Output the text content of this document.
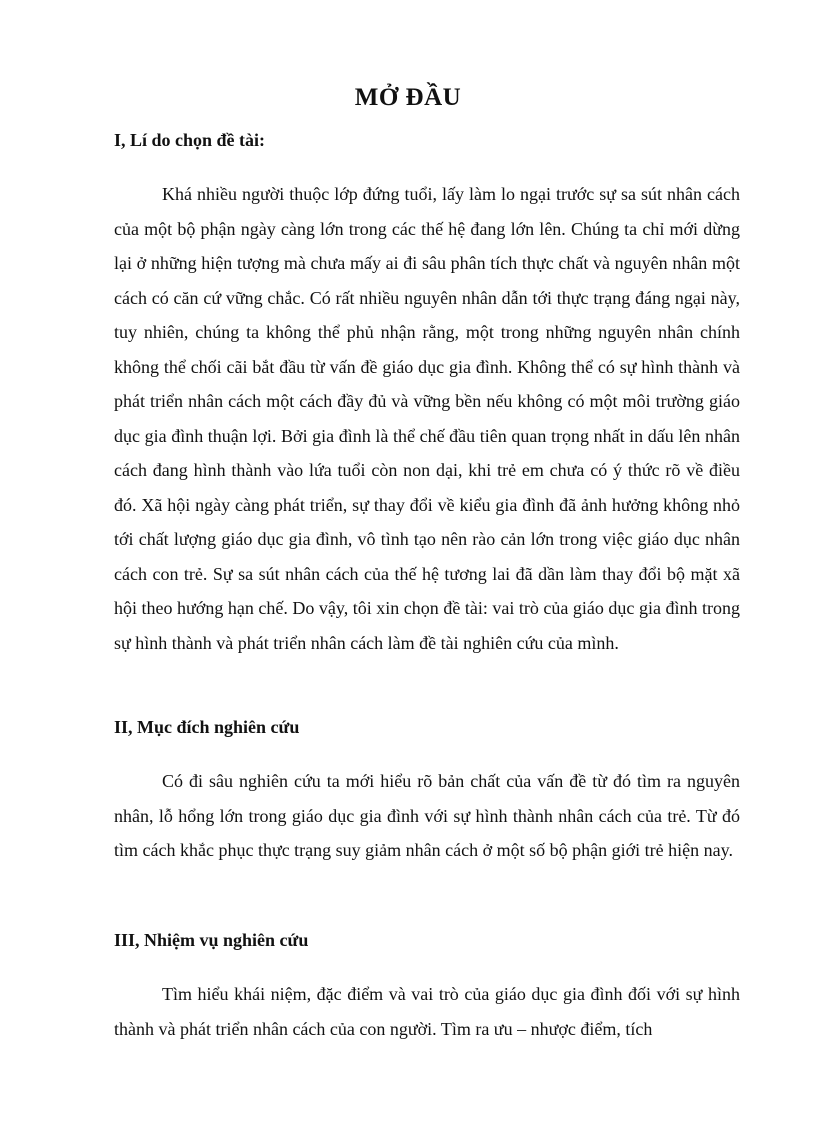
MỞ ĐẦU
I, Lí do chọn đề tài:

Khá nhiều người thuộc lớp đứng tuổi, lấy làm lo ngại trước sự sa sút nhân cách của một bộ phận ngày càng lớn trong các thế hệ đang lớn lên. Chúng ta chỉ mới dừng lại ở những hiện tượng mà chưa mấy ai đi sâu phân tích thực chất và nguyên nhân một cách có căn cứ vững chắc. Có rất nhiều nguyên nhân dẫn tới thực trạng đáng ngại này, tuy nhiên, chúng ta không thể phủ nhận rằng, một trong những nguyên nhân chính không thể chối cãi bắt đầu từ vấn đề giáo dục gia đình. Không thể có sự hình thành và phát triển nhân cách một cách đầy đủ và vững bền nếu không có một môi trường giáo dục gia đình thuận lợi. Bởi gia đình là thể chế đầu tiên quan trọng nhất in dấu lên nhân cách đang hình thành vào lứa tuổi còn non dại, khi trẻ em chưa có ý thức rõ về điều đó. Xã hội ngày càng phát triển, sự thay đổi về kiểu gia đình đã ảnh hưởng không nhỏ tới chất lượng giáo dục gia đình, vô tình tạo nên rào cản lớn trong việc giáo dục nhân cách con trẻ. Sự sa sút nhân cách của thế hệ tương lai đã dần làm thay đổi bộ mặt xã hội theo hướng hạn chế. Do vậy, tôi xin chọn đề tài: vai trò của giáo dục gia đình trong sự hình thành và phát triển nhân cách làm đề tài nghiên cứu của mình.

II, Mục đích nghiên cứu

Có đi sâu nghiên cứu ta mới hiểu rõ bản chất của vấn đề từ đó tìm ra nguyên nhân, lỗ hổng lớn trong giáo dục gia đình với sự hình thành nhân cách của trẻ. Từ đó tìm cách khắc phục thực trạng suy giảm nhân cách ở một số bộ phận giới trẻ hiện nay.

III, Nhiệm vụ nghiên cứu

Tìm hiểu khái niệm, đặc điểm và vai trò của giáo dục gia đình đối với sự hình thành và phát triển nhân cách của con người. Tìm ra ưu – nhược điểm, tích
